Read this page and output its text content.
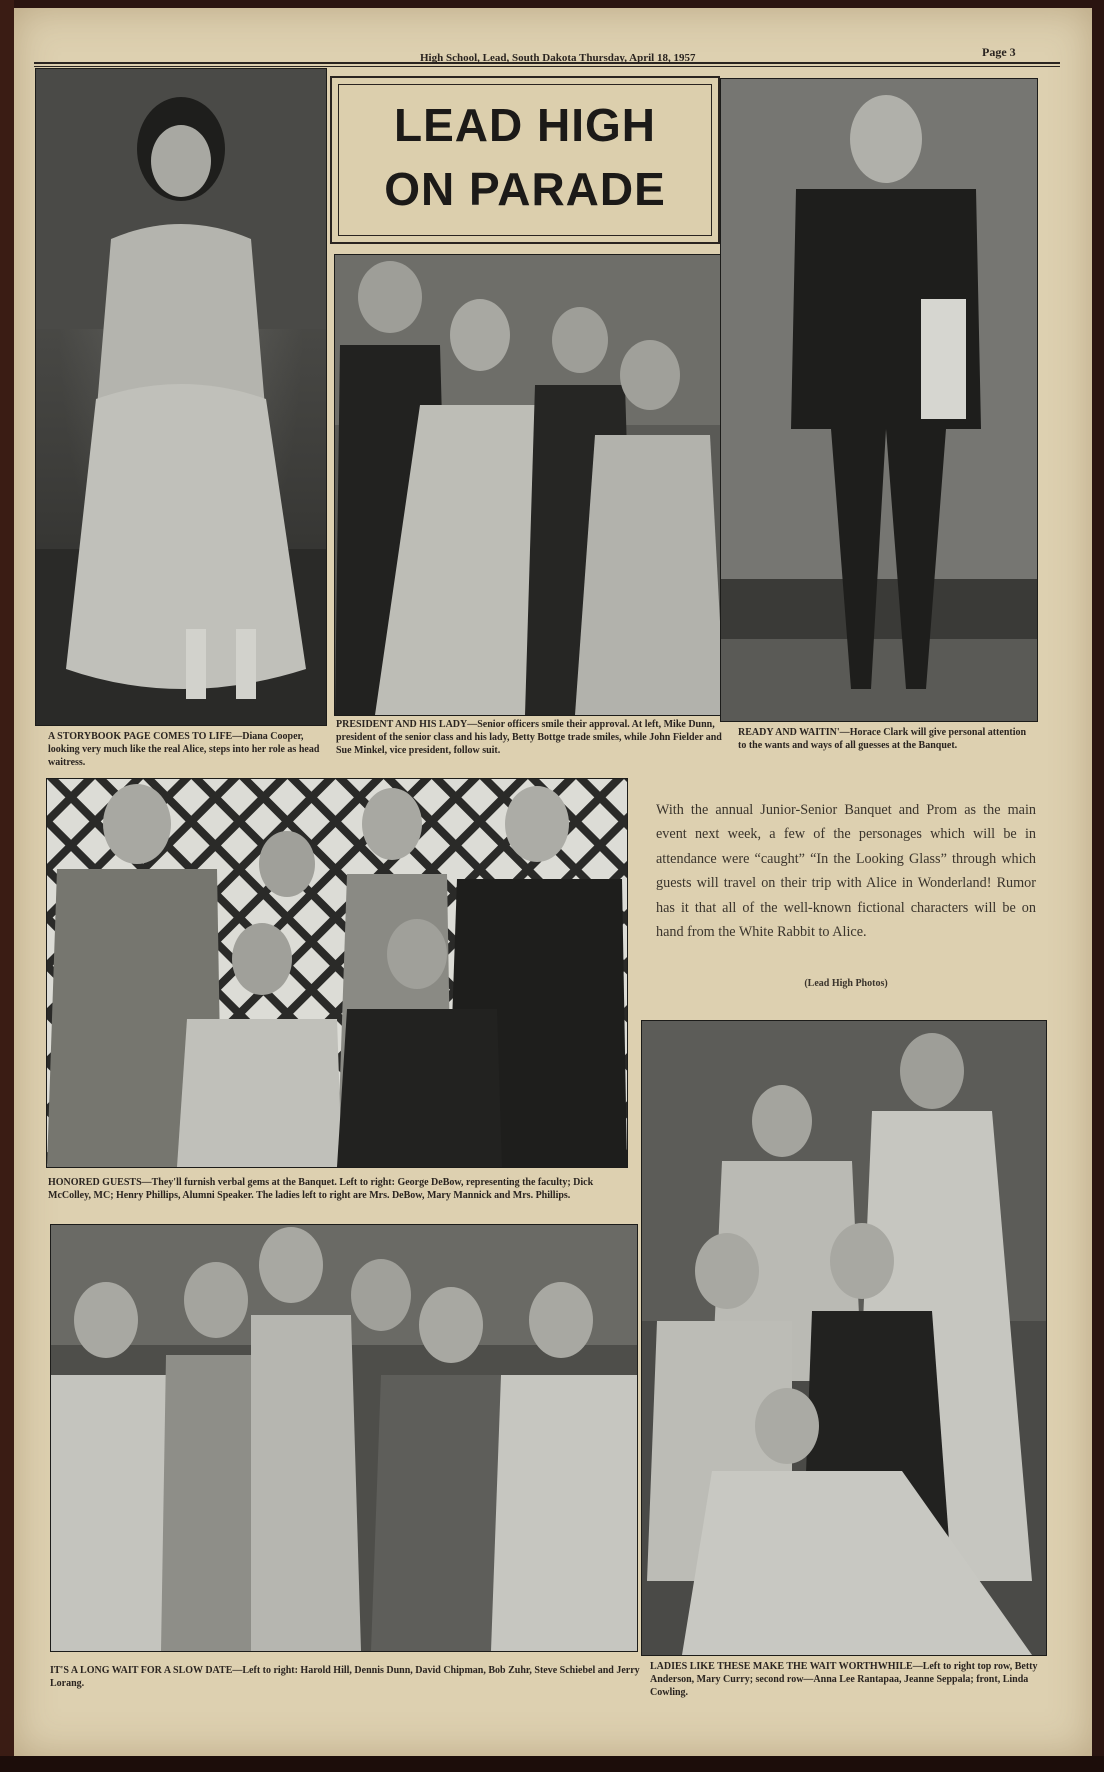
High School, Lead, South Dakota Thursday, April 18, 1957	Page 3
LEAD HIGH
ON PARADE
A STORYBOOK PAGE COMES TO LIFE—Diana Cooper, looking very much like the real Alice, steps into her role as head waitress.
PRESIDENT AND HIS LADY—Senior officers smile their approval. At left, Mike Dunn, president of the senior class and his lady, Betty Bottge trade smiles, while John Fielder and Sue Minkel, vice president, follow suit.
READY AND WAITIN'—Horace Clark will give personal attention to the wants and ways of all guesses at the Banquet.
With the annual Junior-Senior Banquet and Prom as the main event next week, a few of the personages which will be in attendance were “caught” “In the Looking Glass” through which guests will travel on their trip with Alice in Wonderland! Rumor has it that all of the well-known fictional characters will be on hand from the White Rabbit to Alice.
(Lead High Photos)
HONORED GUESTS—They'll furnish verbal gems at the Banquet. Left to right: George DeBow, representing the faculty; Dick McColley, MC; Henry Phillips, Alumni Speaker. The ladies left to right are Mrs. DeBow, Mary Mannick and Mrs. Phillips.
IT'S A LONG WAIT FOR A SLOW DATE—Left to right: Harold Hill, Dennis Dunn, David Chipman, Bob Zuhr, Steve Schiebel and Jerry Lorang.
LADIES LIKE THESE MAKE THE WAIT WORTHWHILE—Left to right top row, Betty Anderson, Mary Curry; second row—Anna Lee Rantapaa, Jeanne Seppala; front, Linda Cowling.
